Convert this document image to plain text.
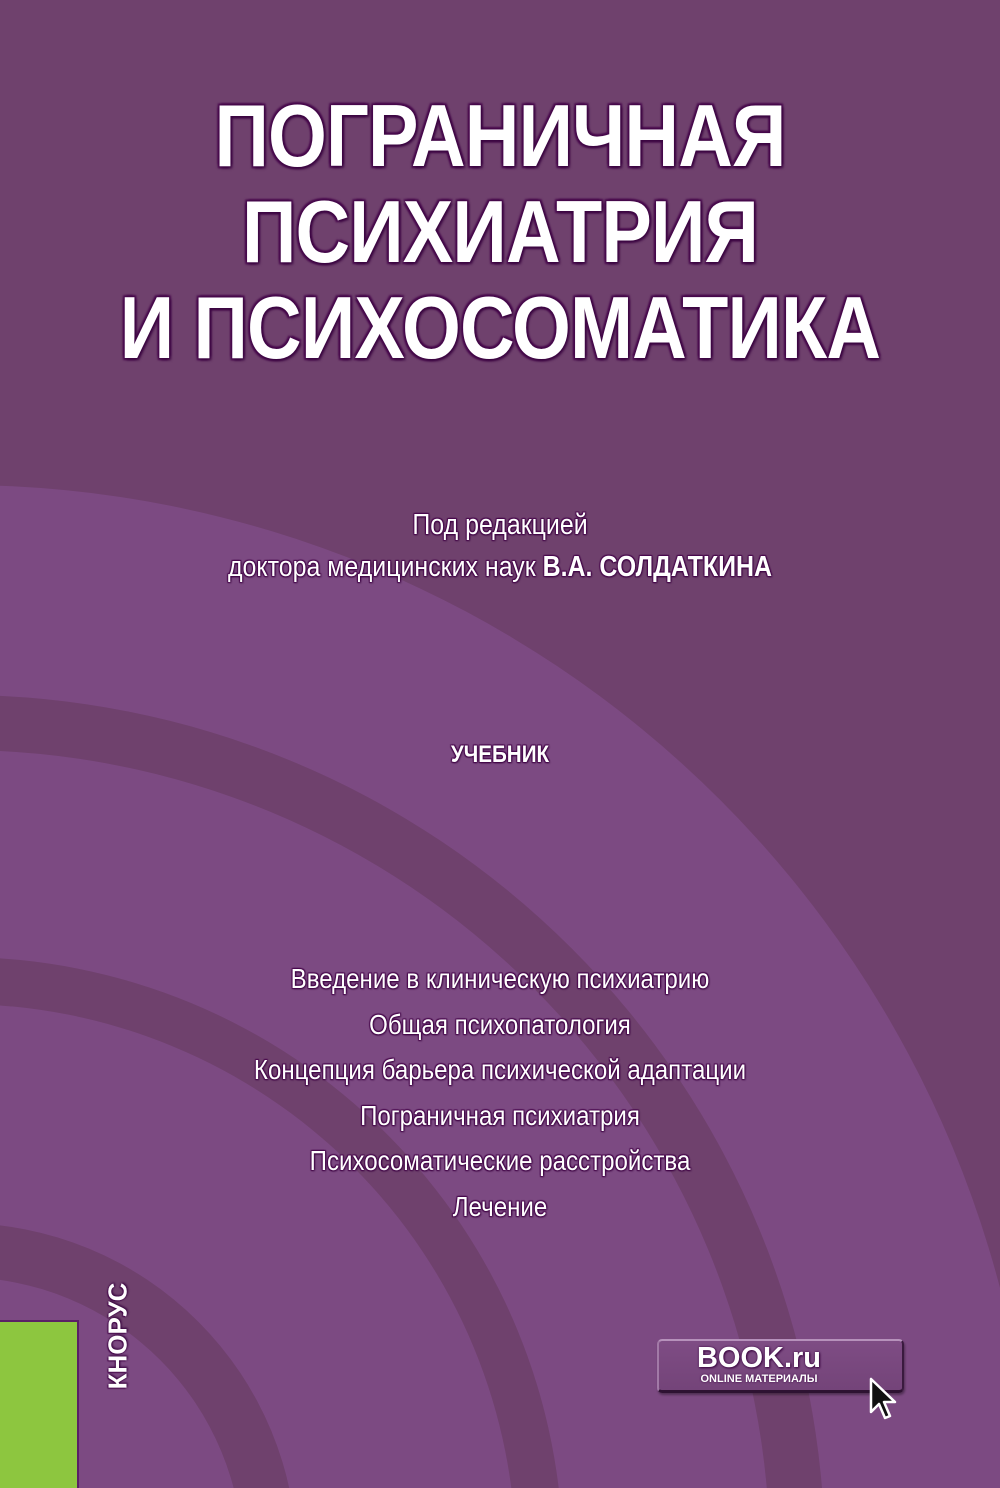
ПОГРАНИЧНАЯ
ПСИХИАТРИЯ
И ПСИХОСОМАТИКА
Под редакцией
доктора медицинских наук В.А. СОЛДАТКИНА
УЧЕБНИК
Введение в клиническую психиатрию
Общая психопатология
Концепция барьера психической адаптации
Пограничная психиатрия
Психосоматические расстройства
Лечение
КНОРУС	BOOK.ru
ONLINE МАТЕРИАЛЫ
